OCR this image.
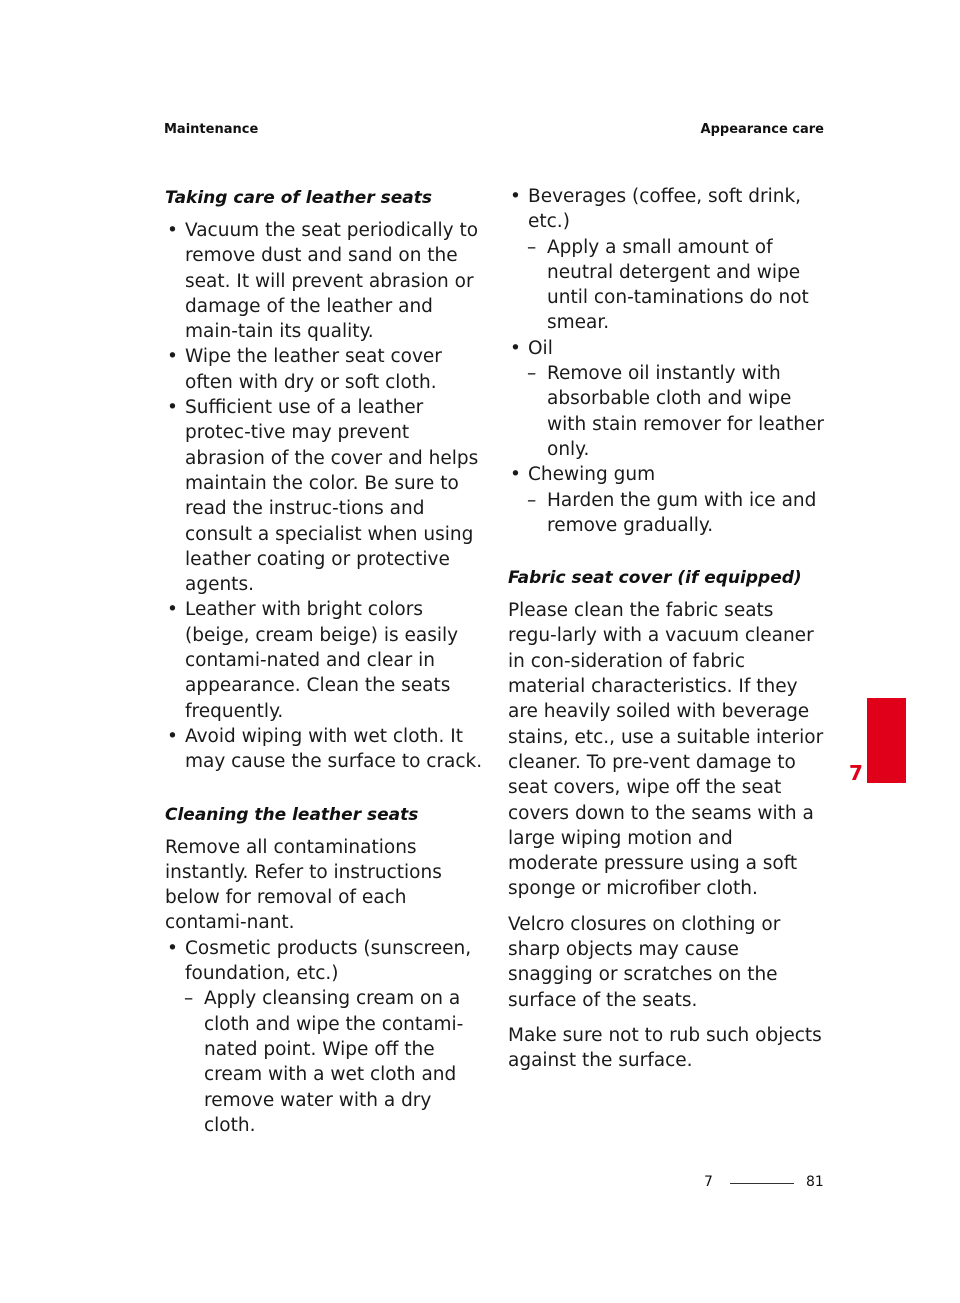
Maintenance	Appearance care
Taking care of leather seats
• Vacuum the seat periodically to remove dust and sand on the seat. It will prevent abrasion or damage of the leather and main-tain its quality.
• Wipe the leather seat cover often with dry or soft cloth.
• Sufficient use of a leather protec-tive may prevent abrasion of the cover and helps maintain the color. Be sure to read the instruc-tions and consult a specialist when using leather coating or protective agents.
• Leather with bright colors (beige, cream beige) is easily contami-nated and clear in appearance. Clean the seats frequently.
• Avoid wiping with wet cloth. It may cause the surface to crack.
Cleaning the leather seats

Remove all contaminations instantly. Refer to instructions below for removal of each contami-nant.

• Cosmetic products (sunscreen, foundation, etc.)
– Apply cleansing cream on a cloth and wipe the contami-nated point. Wipe off the cream with a wet cloth and remove water with a dry cloth.
• Beverages (coffee, soft drink, etc.)
– Apply a small amount of neutral detergent and wipe until con-taminations do not smear.
• Oil
– Remove oil instantly with absorbable cloth and wipe with stain remover for leather only.
• Chewing gum
– Harden the gum with ice and remove gradually.
Fabric seat cover (if equipped)

Please clean the fabric seats regu-larly with a vacuum cleaner in con-sideration of fabric material characteristics. If they are heavily soiled with beverage stains, etc., use a suitable interior cleaner. To pre-vent damage to seat covers, wipe off the seat covers down to the seams with a large wiping motion and moderate pressure using a soft sponge or microfiber cloth.

Velcro closures on clothing or sharp objects may cause snagging or scratches on the surface of the seats.

Make sure not to rub such objects against the surface.

7
7	81
